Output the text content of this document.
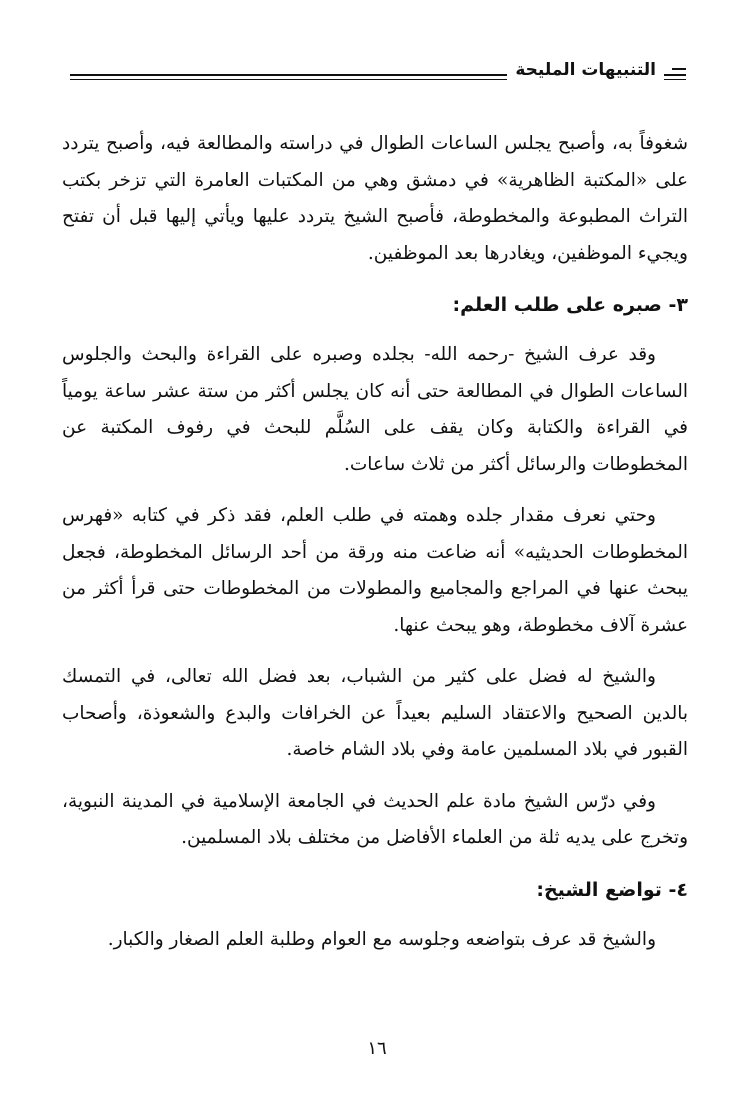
التنبيهات المليحة

شغوفاً به، وأصبح يجلس الساعات الطوال في دراسته والمطالعة فيه، وأصبح يتردد على «المكتبة الظاهرية» في دمشق وهي من المكتبات العامرة التي تزخر بكتب التراث المطبوعة والمخطوطة، فأصبح الشيخ يتردد عليها ويأتي إليها قبل أن تفتح ويجيء الموظفين، ويغادرها بعد الموظفين.

٣- صبره على طلب العلم:

وقد عرف الشيخ -رحمه الله- بجلده وصبره على القراءة والبحث والجلوس الساعات الطوال في المطالعة حتى أنه كان يجلس أكثر من ستة عشر ساعة يومياً في القراءة والكتابة وكان يقف على السُلَّم للبحث في رفوف المكتبة عن المخطوطات والرسائل أكثر من ثلاث ساعات.

وحتي نعرف مقدار جلده وهمته في طلب العلم، فقد ذكر في كتابه «فهرس المخطوطات الحديثيه» أنه ضاعت منه ورقة من أحد الرسائل المخطوطة، فجعل يبحث عنها في المراجع والمجاميع والمطولات من المخطوطات حتى قرأ أكثر من عشرة آلاف مخطوطة، وهو يبحث عنها.

والشيخ له فضل على كثير من الشباب، بعد فضل الله تعالى، في التمسك بالدين الصحيح والاعتقاد السليم بعيداً عن الخرافات والبدع والشعوذة، وأصحاب القبور في بلاد المسلمين عامة وفي بلاد الشام خاصة.

وفي درّس الشيخ مادة علم الحديث في الجامعة الإسلامية في المدينة النبوية، وتخرج على يديه ثلة من العلماء الأفاضل من مختلف بلاد المسلمين.

٤- تواضع الشيخ:

والشيخ قد عرف بتواضعه وجلوسه مع العوام وطلبة العلم الصغار والكبار.

١٦
